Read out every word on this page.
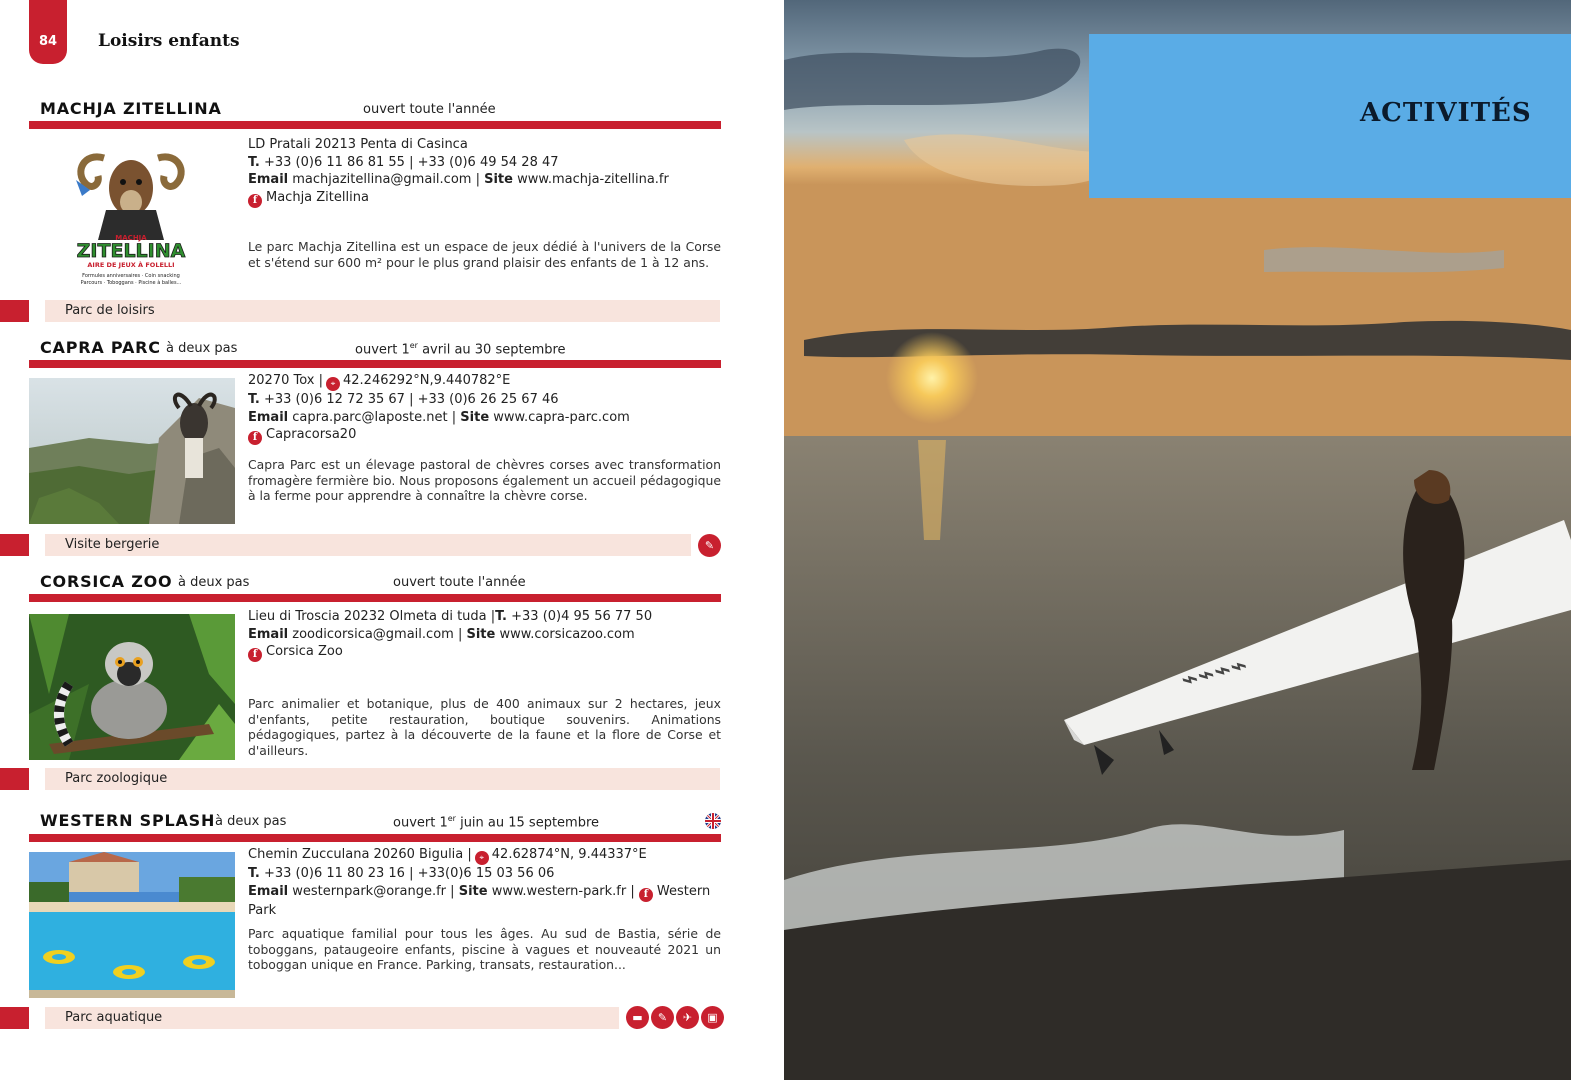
84	Loisirs enfants
MACHJA ZITELLINA	ouvert toute l'année
MACHJA
ZITELLINA
AIRE DE JEUX À FOLELLI
Formules anniversaires · Coin snacking
Parcours · Toboggans · Piscine à balles...
LD Pratali 20213 Penta di Casinca
T. +33 (0)6 11 86 81 55 | +33 (0)6 49 54 28 47
Email machjazitellina@gmail.com | Site www.machja-zitellina.fr
f Machja Zitellina
Le parc Machja Zitellina est un espace de jeux dédié à l'univers de la Corse et s'étend sur 600 m² pour le plus grand plaisir des enfants de 1 à 12 ans.
Parc de loisirs
CAPRA PARC à deux pas	ouvert 1er avril au 30 septembre
20270 Tox | ⌖ 42.246292°N,9.440782°E
T. +33 (0)6 12 72 35 67 | +33 (0)6 26 25 67 46
Email capra.parc@laposte.net | Site www.capra-parc.com
f Capracorsa20
Capra Parc est un élevage pastoral de chèvres corses avec transformation fromagère fermière bio. Nous proposons également un accueil pédagogique à la ferme pour apprendre à connaître la chèvre corse.
Visite bergerie	✎
CORSICA ZOO à deux pas	ouvert toute l'année
Lieu di Troscia 20232 Olmeta di tuda |T. +33 (0)4 95 56 77 50
Email zoodicorsica@gmail.com | Site www.corsicazoo.com
f Corsica Zoo
Parc animalier et botanique, plus de 400 animaux sur 2 hectares, jeux d'enfants, petite restauration, boutique souvenirs. Animations pédagogiques, partez à la découverte de la faune et la flore de Corse et d'ailleurs.
Parc zoologique
WESTERN SPLASH à deux pas	ouvert 1er juin au 15 septembre
Chemin Zucculana 20260 Bigulia | ⌖ 42.62874°N, 9.44337°E
T. +33 (0)6 11 80 23 16 | +33(0)6 15 03 56 06
Email westernpark@orange.fr | Site www.western-park.fr | f Western Park
Parc aquatique familial pour tous les âges. Au sud de Bastia, série de toboggans, pataugeoire enfants, piscine à vagues et nouveauté 2021 un toboggan unique en France. Parking, transats, restauration...
Parc aquatique	▬	✎	✈	▣
⌁⌁⌁⌁
ACTIVITÉS
